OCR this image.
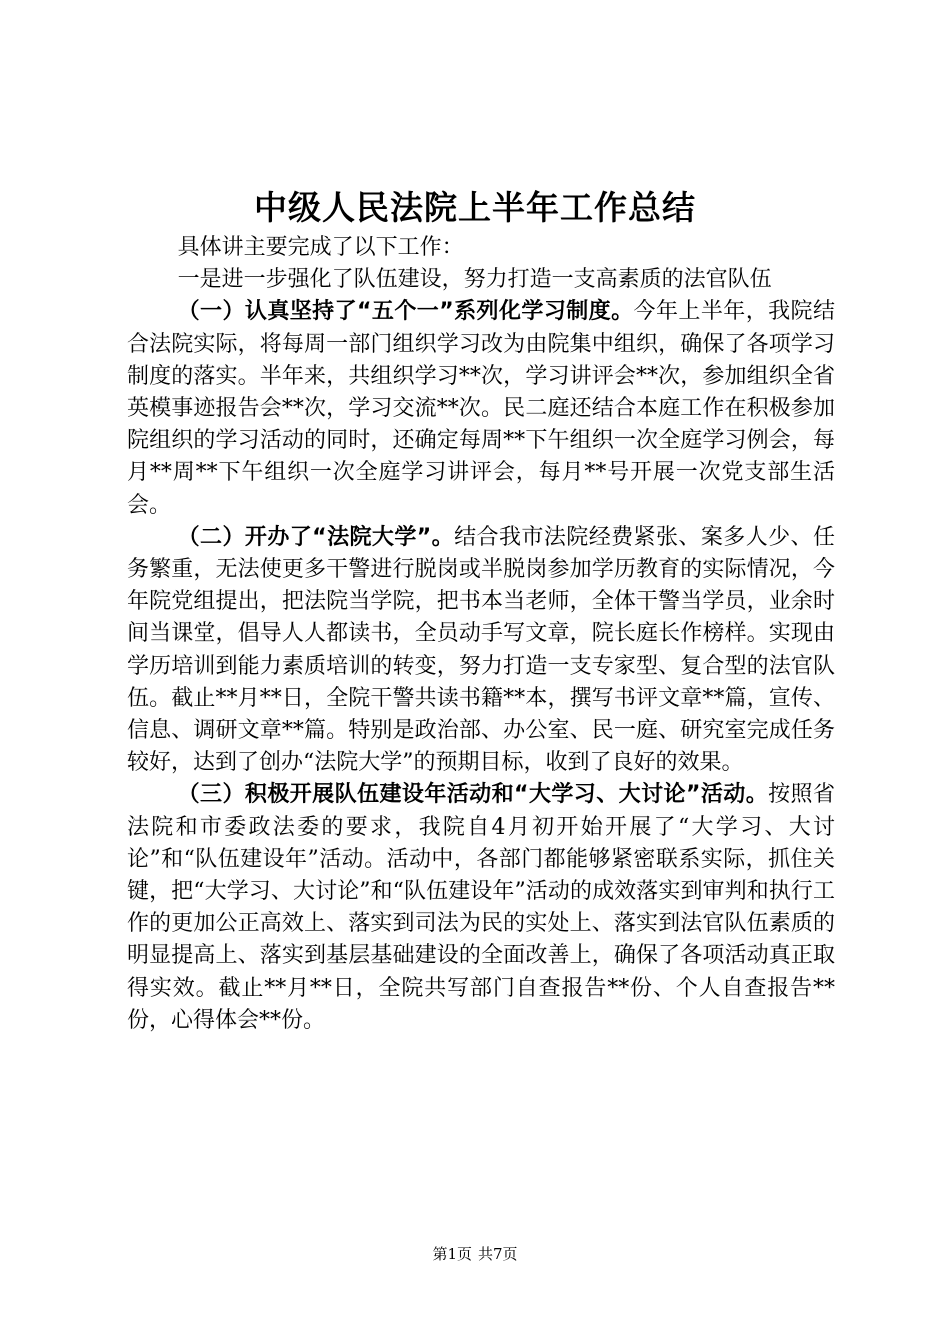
中级人民法院上半年工作总结

具体讲主要完成了以下工作：

一是进一步强化了队伍建设，努力打造一支高素质的法官队伍

（一）认真坚持了“五个一”系列化学习制度。今年上半年，我院结合法院实际，将每周一部门组织学习改为由院集中组织，确保了各项学习制度的落实。半年来，共组织学习**次，学习讲评会**次，参加组织全省英模事迹报告会**次，学习交流**次。民二庭还结合本庭工作在积极参加院组织的学习活动的同时，还确定每周**下午组织一次全庭学习例会，每月**周**下午组织一次全庭学习讲评会，每月**号开展一次党支部生活会。

（二）开办了“法院大学”。结合我市法院经费紧张、案多人少、任务繁重，无法使更多干警进行脱岗或半脱岗参加学历教育的实际情况，今年院党组提出，把法院当学院，把书本当老师，全体干警当学员，业余时间当课堂，倡导人人都读书，全员动手写文章，院长庭长作榜样。实现由学历培训到能力素质培训的转变，努力打造一支专家型、复合型的法官队伍。截止**月**日，全院干警共读书籍**本，撰写书评文章**篇，宣传、信息、调研文章**篇。特别是政治部、办公室、民一庭、研究室完成任务较好，达到了创办“法院大学”的预期目标，收到了良好的效果。

（三）积极开展队伍建设年活动和“大学习、大讨论”活动。按照省法院和市委政法委的要求，我院自4月初开始开展了“大学习、大讨论”和“队伍建设年”活动。活动中，各部门都能够紧密联系实际，抓住关键，把“大学习、大讨论”和“队伍建设年”活动的成效落实到审判和执行工作的更加公正高效上、落实到司法为民的实处上、落实到法官队伍素质的明显提高上、落实到基层基础建设的全面改善上，确保了各项活动真正取得实效。截止**月**日，全院共写部门自查报告**份、个人自查报告**份，心得体会**份。

第1页 共7页
